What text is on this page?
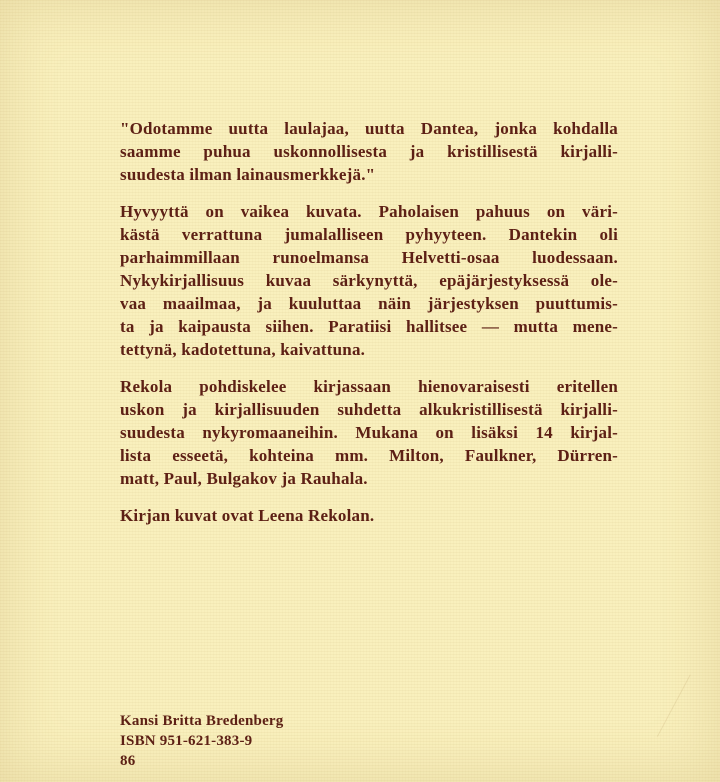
"Odotamme uutta laulajaa, uutta Dantea, jonka kohdalla
saamme puhua uskonnollisesta ja kristillisestä kirjalli-
suudesta ilman lainausmerkkejä."
Hyvyyttä on vaikea kuvata. Paholaisen pahuus on väri-
kästä verrattuna jumalalliseen pyhyyteen. Dantekin oli
parhaimmillaan runoelmansa Helvetti-osaa luodessaan.
Nykykirjallisuus kuvaa särkynyttä, epäjärjestyksessä ole-
vaa maailmaa, ja kuuluttaa näin järjestyksen puuttumis-
ta ja kaipausta siihen. Paratiisi hallitsee — mutta mene-
tettynä, kadotettuna, kaivattuna.
Rekola pohdiskelee kirjassaan hienovaraisesti eritellen
uskon ja kirjallisuuden suhdetta alkukristillisestä kirjalli-
suudesta nykyromaaneihin. Mukana on lisäksi 14 kirjal-
lista esseetä, kohteina mm. Milton, Faulkner, Dürren-
matt, Paul, Bulgakov ja Rauhala.
Kirjan kuvat ovat Leena Rekolan.
Kansi Britta Bredenberg
ISBN 951-621-383-9
86
